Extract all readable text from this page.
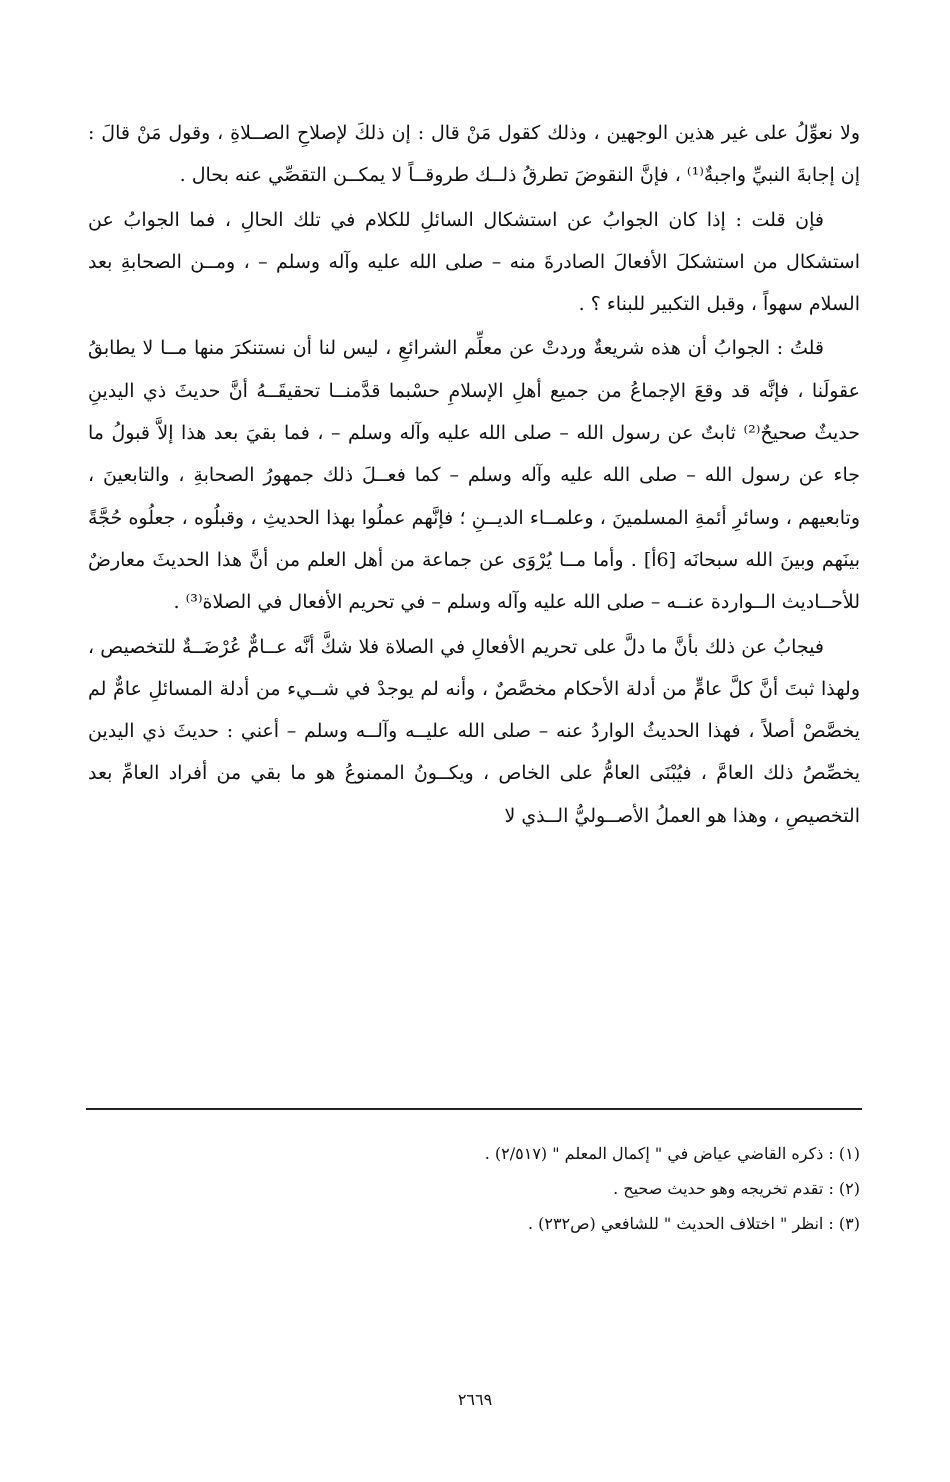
ولا نعوِّلُ على غير هذين الوجهين ، وذلك كقول مَنْ قال : إن ذلكَ لإصلاحِ الصــلاةِ ، وقول مَنْ قالَ : إن إجابةَ النبيِّ واجبةٌ⁽¹⁾ ، فإنَّ النقوضَ تطرقُ ذلــك طروقــاً لا يمكــن التقصِّي عنه بحال .

فإن قلت : إذا كان الجوابُ عن استشكال السائلِ للكلام في تلك الحالِ ، فما الجوابُ عن استشكال من استشكلَ الأفعالَ الصادرةَ منه – صلى الله عليه وآله وسلم – ، ومــن الصحابةِ بعد السلام سهواً ، وقبل التكبير للبناء ؟ .

قلتُ : الجوابُ أن هذه شريعةٌ وردتْ عن معلِّم الشرائعِ ، ليس لنا أن نستنكرَ منها مــا لا يطابقُ عقولَنا ، فإنَّه قد وقعَ الإجماعُ من جميع أهلِ الإسلامِ حسْبما قدَّمنــا تحقيقَــهُ أنَّ حديثَ ذي اليدينِ حديثٌ صحيحٌ⁽²⁾ ثابتٌ عن رسول الله – صلى الله عليه وآله وسلم – ، فما بقيَ بعد هذا إلاَّ قبولُ ما جاء عن رسول الله – صلى الله عليه وآله وسلم – كما فعــلَ ذلك جمهورُ الصحابةِ ، والتابعينَ ، وتابعيهم ، وسائرِ أئمةِ المسلمينَ ، وعلمــاء الديــنِ ؛ فإنَّهم عملُوا بهذا الحديثِ ، وقبلُوه ، جعلُوه حُجَّةً بينَهم وبينَ الله سبحانَه [6أ] . وأما مــا يُرْوَى عن جماعة من أهل العلم من أنَّ هذا الحديثَ معارضٌ للأحــاديث الــواردة عنــه – صلى الله عليه وآله وسلم – في تحريم الأفعال في الصلاة⁽³⁾ .

فيجابُ عن ذلك بأنَّ ما دلَّ على تحريم الأفعالِ في الصلاة فلا شكَّ أنَّه عــامٌّ عُرْضَــةٌ للتخصيص ، ولهذا ثبتَ أنَّ كلَّ عامٍّ من أدلة الأحكام مخصَّصٌ ، وأنه لم يوجدْ في شــيء من أدلة المسائلِ عامٌّ لم يخصَّصْ أصلاً ، فهذا الحديثُ الواردُ عنه – صلى الله عليــه وآلــه وسلم – أعني : حديثَ ذي اليدين يخصِّصُ ذلك العامَّ ، فيُبْنَى العامُّ على الخاص ، ويكــونُ الممنوعُ هو ما بقي من أفراد العامِّ بعد التخصيصِ ، وهذا هو العملُ الأصــوليُّ الــذي لا

(١) : ذكره القاضي عياض في " إكمال المعلم " (٢/٥١٧) .

(٢) : تقدم تخريجه وهو حديث صحيح .

(٣) : انظر " اختلاف الحديث " للشافعي (ص٢٣٢) .

٢٦٦٩
